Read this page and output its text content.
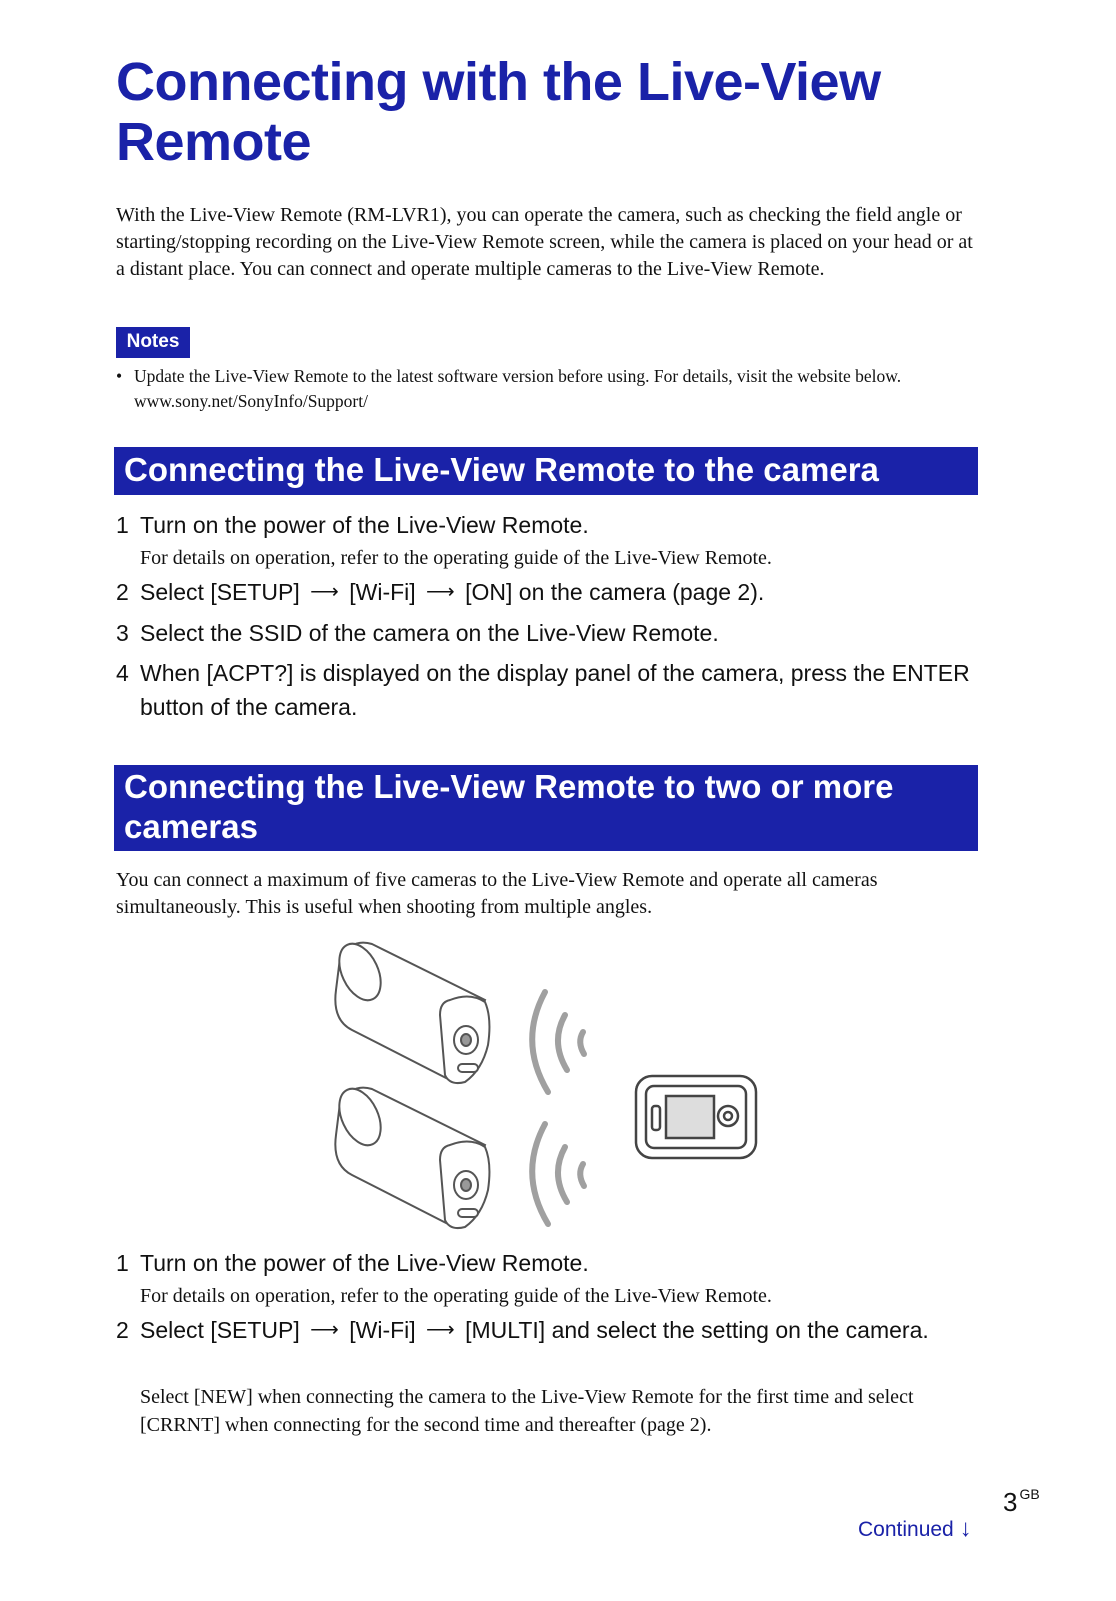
Connecting with the Live-View Remote

With the Live-View Remote (RM-LVR1), you can operate the camera, such as checking the field angle or starting/stopping recording on the Live-View Remote screen, while the camera is placed on your head or at a distant place. You can connect and operate multiple cameras to the Live-View Remote.

Notes
• Update the Live-View Remote to the latest software version before using. For details, visit the website below.
www.sony.net/SonyInfo/Support/
Connecting the Live-View Remote to the camera
1 Turn on the power of the Live-View Remote.
For details on operation, refer to the operating guide of the Live-View Remote.
2 Select [SETUP] ⟶ [Wi-Fi] ⟶ [ON] on the camera (page 2).
3 Select the SSID of the camera on the Live-View Remote.
4 When [ACPT?] is displayed on the display panel of the camera, press the ENTER button of the camera.
Connecting the Live-View Remote to two or more cameras

You can connect a maximum of five cameras to the Live-View Remote and operate all cameras simultaneously. This is useful when shooting from multiple angles.

1 Turn on the power of the Live-View Remote.
For details on operation, refer to the operating guide of the Live-View Remote.
2 Select [SETUP] ⟶ [Wi-Fi] ⟶ [MULTI] and select the setting on the camera.
Select [NEW] when connecting the camera to the Live-View Remote for the first time and select [CRRNT] when connecting for the second time and thereafter (page 2).
3 $^{GB}$
Continued ↓
